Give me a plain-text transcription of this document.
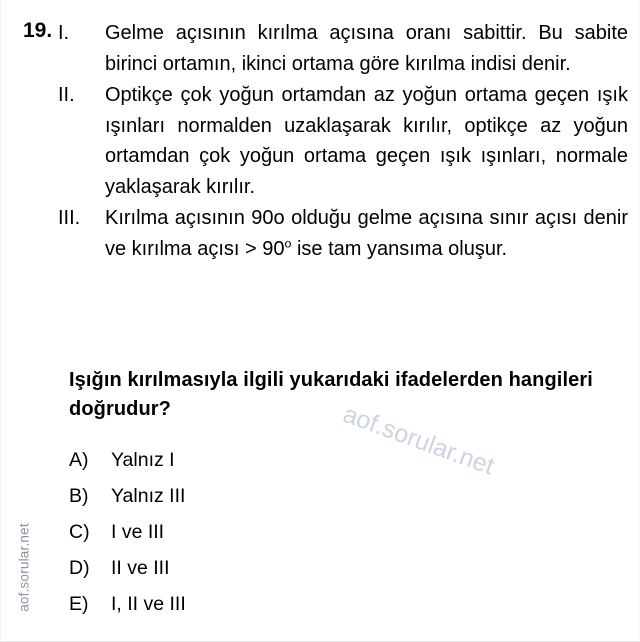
aof.sorular.net
aof.sorular.net
19. I.	Gelme açısının kırılma açısına oranı sabittir. Bu sabite birinci ortamın, ikinci ortama göre kırılma indisi denir.
II.	Optikçe çok yoğun ortamdan az yoğun ortama geçen ışık ışınları normalden uzaklaşarak kırılır, optikçe az yoğun ortamdan çok yoğun ortama geçen ışık ışınları, normale yaklaşarak kırılır.
III.	Kırılma açısının 90o olduğu gelme açısına sınır açısı denir ve kırılma açısı > $90^o$ ise tam yansıma oluşur.
Işığın kırılmasıyla ilgili yukarıdaki ifadelerden hangileri doğrudur?
A)	Yalnız I
B)	Yalnız III
C)	I ve III
D)	II ve III
E)	I, II ve III
